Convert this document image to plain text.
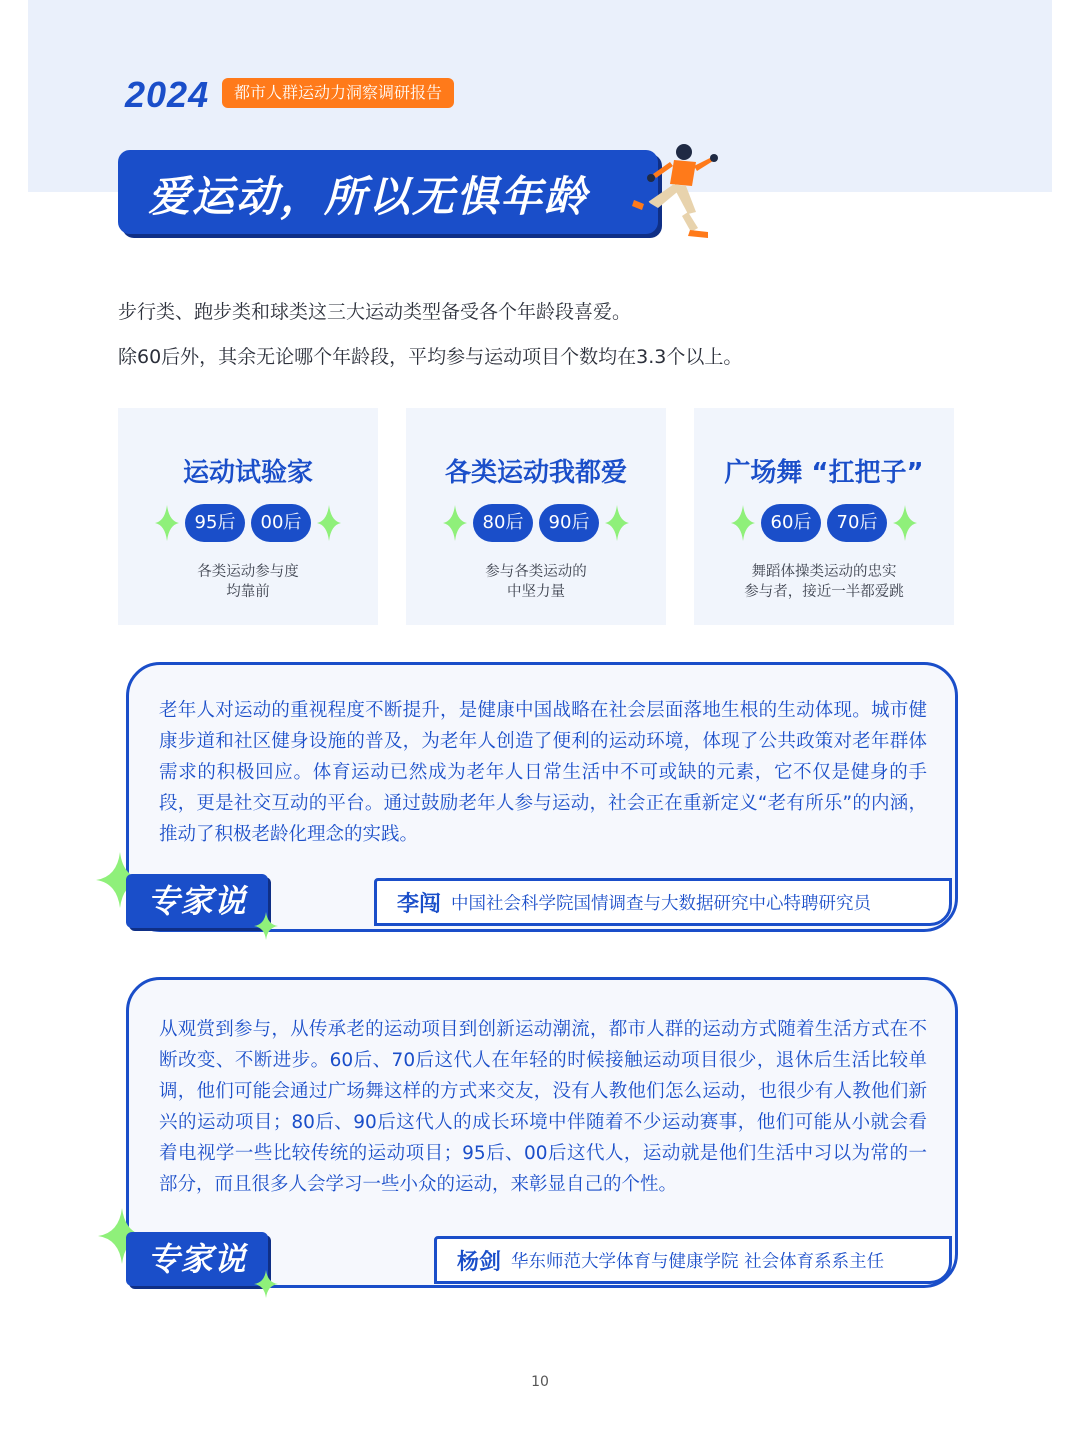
2024	都市人群运动力洞察调研报告
爱运动，所以无惧年龄
步行类、跑步类和球类这三大运动类型备受各个年龄段喜爱。
除60后外，其余无论哪个年龄段，平均参与运动项目个数均在3.3个以上。
运动试验家
95后	00后
各类运动参与度
均靠前
各类运动我都爱
80后	90后
参与各类运动的
中坚力量
广场舞 “扛把子”
60后	70后
舞蹈体操类运动的忠实
参与者，接近一半都爱跳
老年人对运动的重视程度不断提升，是健康中国战略在社会层面落地生根的生动体现。城市健康步道和社区健身设施的普及，为老年人创造了便利的运动环境，体现了公共政策对老年群体需求的积极回应。体育运动已然成为老年人日常生活中不可或缺的元素，它不仅是健身的手段，更是社交互动的平台。通过鼓励老年人参与运动，社会正在重新定义“老有所乐”的内涵，推动了积极老龄化理念的实践。
专家说	李闯 中国社会科学院国情调查与大数据研究中心特聘研究员
从观赏到参与，从传承老的运动项目到创新运动潮流，都市人群的运动方式随着生活方式在不断改变、不断进步。60后、70后这代人在年轻的时候接触运动项目很少，退休后生活比较单调，他们可能会通过广场舞这样的方式来交友，没有人教他们怎么运动，也很少有人教他们新兴的运动项目；80后、90后这代人的成长环境中伴随着不少运动赛事，他们可能从小就会看着电视学一些比较传统的运动项目；95后、00后这代人，运动就是他们生活中习以为常的一部分，而且很多人会学习一些小众的运动，来彰显自己的个性。
专家说	杨剑 华东师范大学体育与健康学院 社会体育系系主任
10
